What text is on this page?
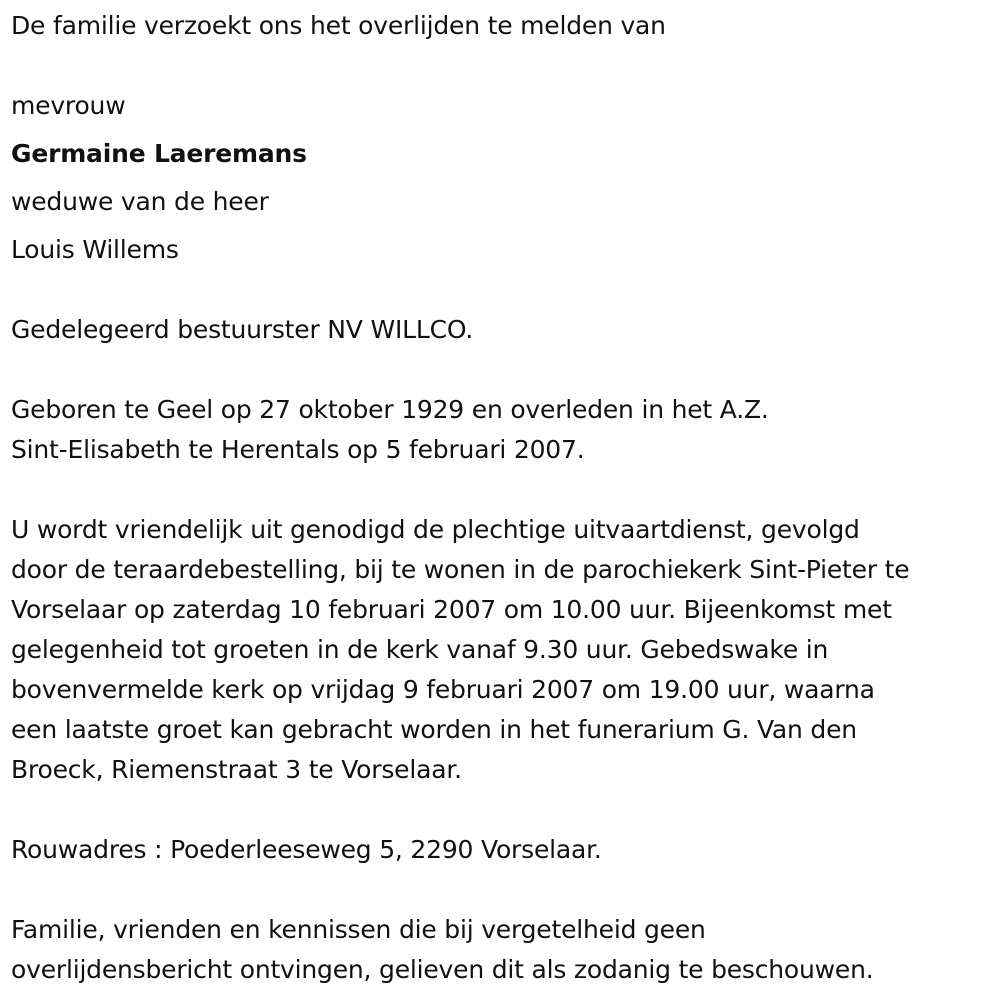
De familie verzoekt ons het overlijden te melden van
mevrouw
Germaine Laeremans
weduwe van de heer
Louis Willems
Gedelegeerd bestuurster NV WILLCO.
Geboren te Geel op 27 oktober 1929 en overleden in het A.Z.
Sint-Elisabeth te Herentals op 5 februari 2007.
U wordt vriendelijk uit genodigd de plechtige uitvaartdienst, gevolgd
door de teraardebestelling, bij te wonen in de parochiekerk Sint-Pieter te
Vorselaar op zaterdag 10 februari 2007 om 10.00 uur. Bijeenkomst met
gelegenheid tot groeten in de kerk vanaf 9.30 uur. Gebedswake in
bovenvermelde kerk op vrijdag 9 februari 2007 om 19.00 uur, waarna
een laatste groet kan gebracht worden in het funerarium G. Van den
Broeck, Riemenstraat 3 te Vorselaar.
Rouwadres : Poederleeseweg 5, 2290 Vorselaar.
Familie, vrienden en kennissen die bij vergetelheid geen
overlijdensbericht ontvingen, gelieven dit als zodanig te beschouwen.
